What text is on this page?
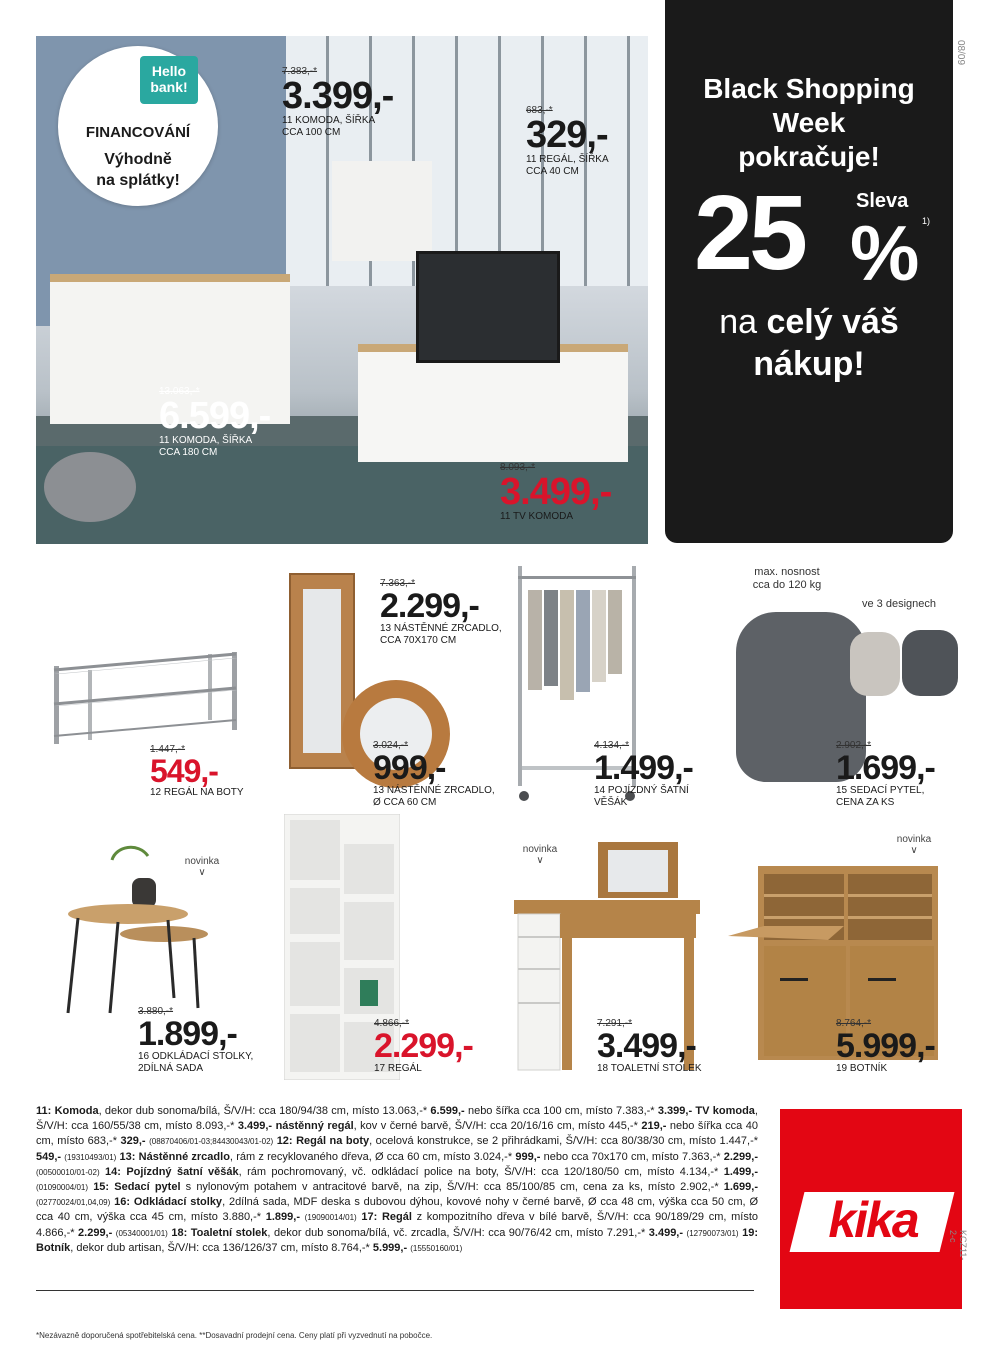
Hello bank!
FINANCOVÁNÍ
Výhodně
na splátky!
7.383,-*
3.399,-
11 KOMODA, ŠÍŘKA
CCA 100 CM
683,-*
329,-
11 REGÁL, ŠÍŘKA
CCA 40 CM
13.063,-*
6.599,-
11 KOMODA, ŠÍŘKA
CCA 180 CM
8.093,-*
3.499,-
11 TV KOMODA
Black Shopping
Week
pokračuje!
25	Sleva
1)
%
na celý váš
nákup!
08/09
1.447,-*
549,-
12 REGÁL NA BOTY
7.363,-*
2.299,-
13 NÁSTĚNNÉ ZRCADLO,
CCA 70X170 CM
3.024,-*
999,-
13 NÁSTĚNNÉ ZRCADLO,
Ø CCA 60 CM
4.134,-*
1.499,-
14 POJÍZDNÝ ŠATNÍ
VĚŠÁK
max. nosnost
cca do 120 kg
ve 3 designech
2.902,-*
1.699,-
15 SEDACÍ PYTEL,
CENA ZA KS
novinka
∨
3.880,-*
1.899,-
16 ODKLÁDACÍ STOLKY,
2DÍLNÁ SADA
4.866,-*
2.299,-
17 REGÁL
novinka
∨
7.291,-*
3.499,-
18 TOALETNÍ STOLEK
novinka
∨
8.764,-*
5.999,-
19 BOTNÍK
11: Komoda, dekor dub sonoma/bílá, Š/V/H: cca 180/94/38 cm, místo 13.063,-* 6.599,- nebo šířka cca 100 cm, místo 7.383,-* 3.399,- TV komoda, Š/V/H: cca 160/55/38 cm, místo 8.093,-* 3.499,- nástěnný regál, kov v černé barvě, Š/V/H: cca 20/16/16 cm, místo 445,-* 219,- nebo šířka cca 40 cm, místo 683,-* 329,- (08870406/01-03;84430043/01-02) 12: Regál na boty, ocelová konstrukce, se 2 přihrádkami, Š/V/H: cca 80/38/30 cm, místo 1.447,-* 549,- (19310493/01) 13: Nástěnné zrcadlo, rám z recyklovaného dřeva, Ø cca 60 cm, místo 3.024,-* 999,- nebo cca 70x170 cm, místo 7.363,-* 2.299,- (00500010/01-02) 14: Pojízdný šatní věšák, rám pochromovaný, vč. odkládací police na boty, Š/V/H: cca 120/180/50 cm, místo 4.134,-* 1.499,- (01090004/01) 15: Sedací pytel s nylonovým potahem v antracitové barvě, na zip, Š/V/H: cca 85/100/85 cm, cena za ks, místo 2.902,-* 1.699,- (02770024/01,04,09) 16: Odkládací stolky, 2dílná sada, MDF deska s dubovou dýhou, kovové nohy v černé barvě, Ø cca 48 cm, výška cca 50 cm, Ø cca 40 cm, výška cca 45 cm, místo 3.880,-* 1.899,- (19090014/01) 17: Regál z kompozitního dřeva v bílé barvě, Š/V/H: cca 90/189/29 cm, místo 4.866,-* 2.299,- (05340001/01) 18: Toaletní stolek, dekor dub sonoma/bílá, vč. zrcadla, Š/V/H: cca 90/76/42 cm, místo 7.291,-* 3.499,- (12790073/01) 19: Botník, dekor dub artisan, Š/V/H: cca 136/126/37 cm, místo 8.764,-* 5.999,- (15550160/01)
*Nezávazně doporučená spotřebitelská cena. **Dosavadní prodejní cena. Ceny platí při vyzvednutí na pobočce.
kika	KCZ11-2-c
